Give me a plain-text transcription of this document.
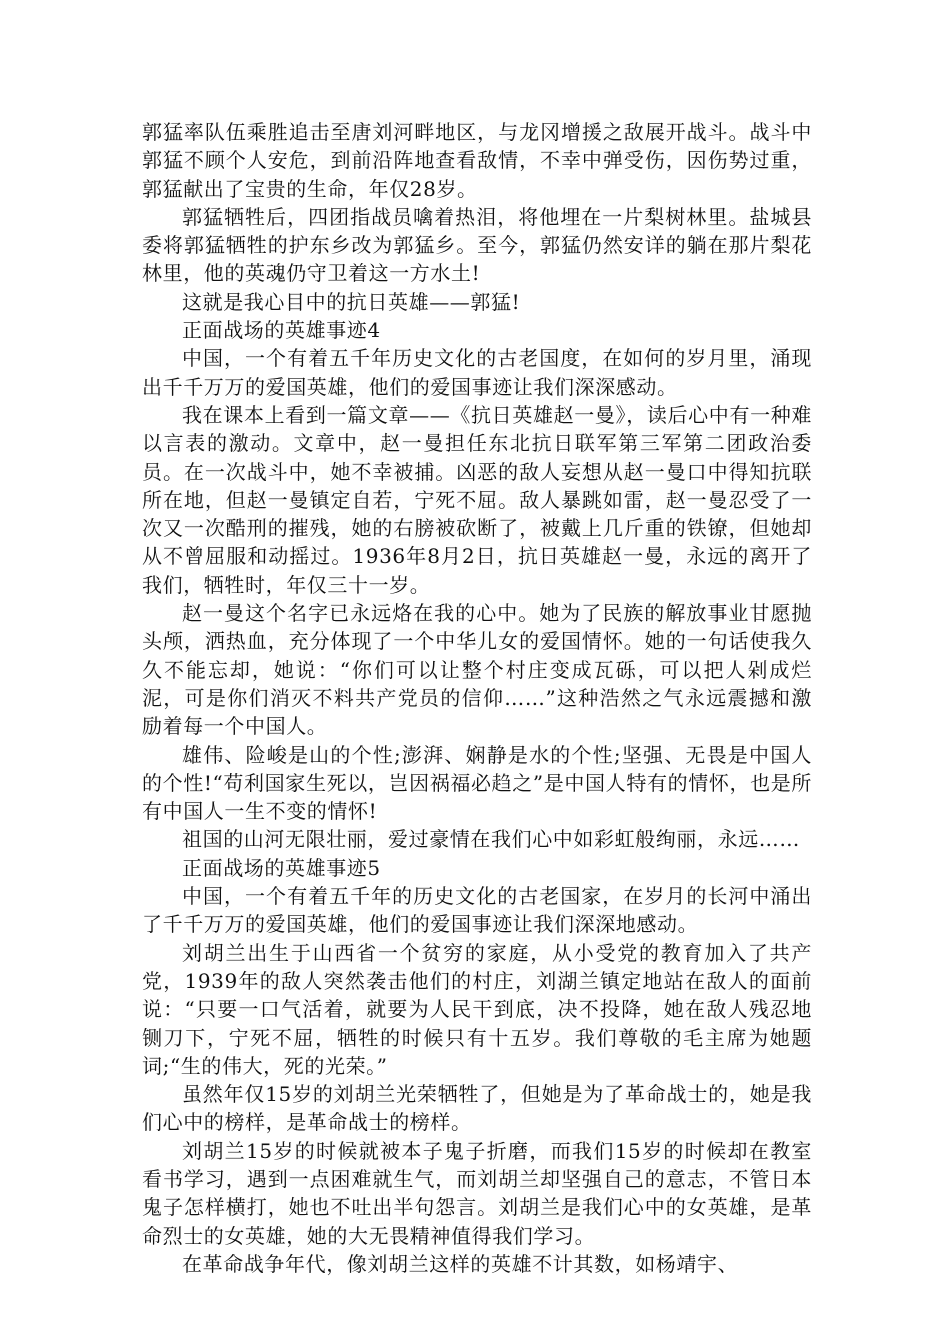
郭猛率队伍乘胜追击至唐刘河畔地区，与龙冈增援之敌展开战斗。战斗中郭猛不顾个人安危，到前沿阵地查看敌情，不幸中弹受伤，因伤势过重，郭猛献出了宝贵的生命，年仅28岁。

郭猛牺牲后，四团指战员噙着热泪，将他埋在一片梨树林里。盐城县委将郭猛牺牲的护东乡改为郭猛乡。至今，郭猛仍然安详的躺在那片梨花林里，他的英魂仍守卫着这一方水土!

这就是我心目中的抗日英雄——郭猛!

正面战场的英雄事迹4

中国，一个有着五千年历史文化的古老国度，在如何的岁月里，涌现出千千万万的爱国英雄，他们的爱国事迹让我们深深感动。

我在课本上看到一篇文章——《抗日英雄赵一曼》，读后心中有一种难以言表的激动。文章中，赵一曼担任东北抗日联军第三军第二团政治委员。在一次战斗中，她不幸被捕。凶恶的敌人妄想从赵一曼口中得知抗联所在地，但赵一曼镇定自若，宁死不屈。敌人暴跳如雷，赵一曼忍受了一次又一次酷刑的摧残，她的右膀被砍断了，被戴上几斤重的铁镣，但她却从不曾屈服和动摇过。1936年8月2日，抗日英雄赵一曼，永远的离开了我们，牺牲时，年仅三十一岁。

赵一曼这个名字已永远烙在我的心中。她为了民族的解放事业甘愿抛头颅，洒热血，充分体现了一个中华儿女的爱国情怀。她的一句话使我久久不能忘却，她说：“你们可以让整个村庄变成瓦砾，可以把人剁成烂泥，可是你们消灭不料共产党员的信仰……”这种浩然之气永远震撼和激励着每一个中国人。

雄伟、险峻是山的个性;澎湃、娴静是水的个性;坚强、无畏是中国人的个性!“苟利国家生死以，岂因祸福必趋之”是中国人特有的情怀，也是所有中国人一生不变的情怀!

祖国的山河无限壮丽，爱过豪情在我们心中如彩虹般绚丽，永远……

正面战场的英雄事迹5

中国，一个有着五千年的历史文化的古老国家，在岁月的长河中涌出了千千万万的爱国英雄，他们的爱国事迹让我们深深地感动。

刘胡兰出生于山西省一个贫穷的家庭，从小受党的教育加入了共产党，1939年的敌人突然袭击他们的村庄，刘湖兰镇定地站在敌人的面前说：“只要一口气活着，就要为人民干到底，决不投降，她在敌人残忍地铡刀下，宁死不屈，牺牲的时候只有十五岁。我们尊敬的毛主席为她题词;“生的伟大，死的光荣。”

虽然年仅15岁的刘胡兰光荣牺牲了，但她是为了革命战士的，她是我们心中的榜样，是革命战士的榜样。

刘胡兰15岁的时候就被本子鬼子折磨，而我们15岁的时候却在教室看书学习，遇到一点困难就生气，而刘胡兰却坚强自己的意志，不管日本鬼子怎样横打，她也不吐出半句怨言。刘胡兰是我们心中的女英雄，是革命烈士的女英雄，她的大无畏精神值得我们学习。

在革命战争年代，像刘胡兰这样的英雄不计其数，如杨靖宇、
